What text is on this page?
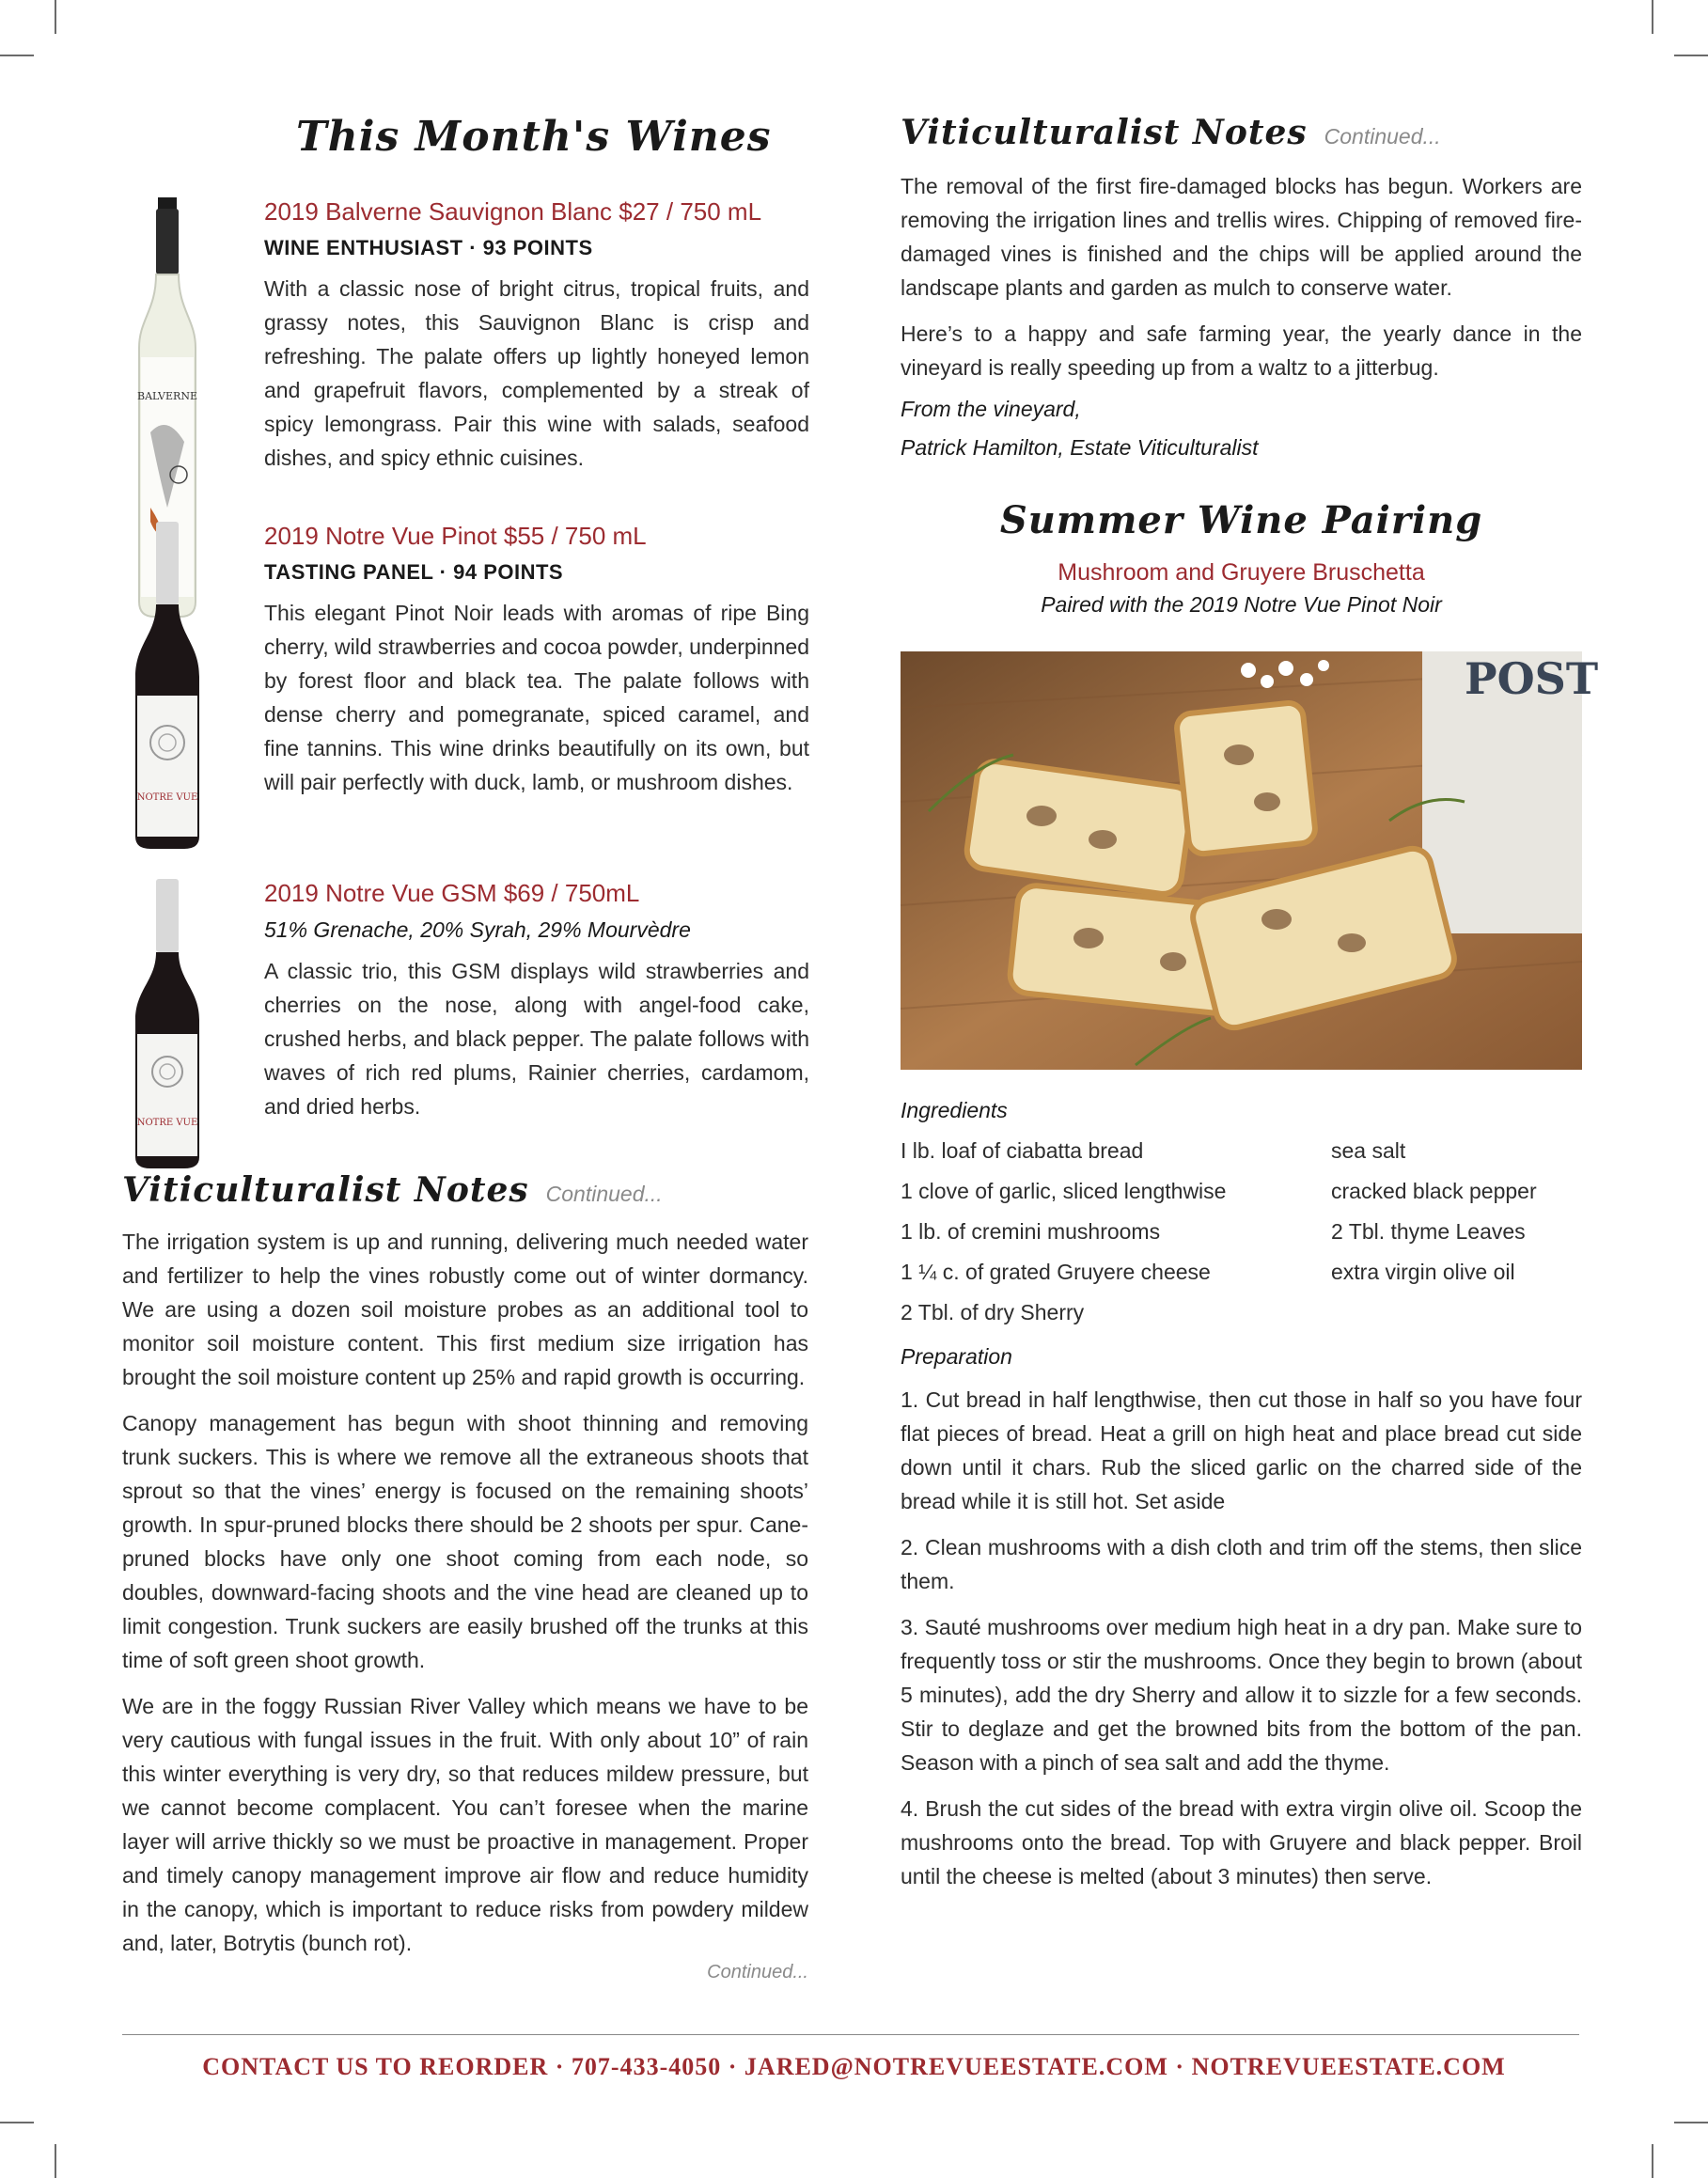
This Month's Wines
BALVERNE

2019 Balverne Sauvignon Blanc $27 / 750 mL

WINE ENTHUSIAST · 93 POINTS

With a classic nose of bright citrus, tropical fruits, and grassy notes, this Sauvignon Blanc is crisp and refreshing. The palate offers up lightly honeyed lemon and grapefruit flavors, complemented by a streak of spicy lemongrass. Pair this wine with salads, seafood dishes, and spicy ethnic cuisines.

NOTRE VUE

2019 Notre Vue Pinot $55 / 750 mL

TASTING PANEL · 94 POINTS

This elegant Pinot Noir leads with aromas of ripe Bing cherry, wild strawberries and cocoa powder, underpinned by forest floor and black tea. The palate follows with dense cherry and pomegranate, spiced caramel, and fine tannins. This wine drinks beautifully on its own, but will pair perfectly with duck, lamb, or mushroom dishes.

NOTRE VUE

2019 Notre Vue GSM $69 / 750mL

51% Grenache, 20% Syrah, 29% Mourvèdre

A classic trio, this GSM displays wild strawberries and cherries on the nose, along with angel-food cake, crushed herbs, and black pepper. The palate follows with waves of rich red plums, Rainier cherries, cardamom, and dried herbs.

Viticulturalist Notes Continued...

The irrigation system is up and running, delivering much needed water and fertilizer to help the vines robustly come out of winter dormancy. We are using a dozen soil moisture probes as an additional tool to monitor soil moisture content. This first medium size irrigation has brought the soil moisture content up 25% and rapid growth is occurring.

Canopy management has begun with shoot thinning and removing trunk suckers. This is where we remove all the extraneous shoots that sprout so that the vines’ energy is focused on the remaining shoots’ growth. In spur-pruned blocks there should be 2 shoots per spur. Cane-pruned blocks have only one shoot coming from each node, so doubles, downward-facing shoots and the vine head are cleaned up to limit congestion. Trunk suckers are easily brushed off the trunks at this time of soft green shoot growth.

We are in the foggy Russian River Valley which means we have to be very cautious with fungal issues in the fruit. With only about 10” of rain this winter everything is very dry, so that reduces mildew pressure, but we cannot become complacent. You can’t foresee when the marine layer will arrive thickly so we must be proactive in management. Proper and timely canopy management improve air flow and reduce humidity in the canopy, which is important to reduce risks from powdery mildew and, later, Botrytis (bunch rot).

Continued...
Viticulturalist Notes Continued...

The removal of the first fire-damaged blocks has begun. Workers are removing the irrigation lines and trellis wires. Chipping of removed fire-damaged vines is finished and the chips will be applied around the landscape plants and garden as mulch to conserve water.

Here’s to a happy and safe farming year, the yearly dance in the vineyard is really speeding up from a waltz to a jitterbug.

From the vineyard,

Patrick Hamilton, Estate Viticulturalist

Summer Wine Pairing
Mushroom and Gruyere Bruschetta
Paired with the 2019 Notre Vue Pinot Noir
POST
Ingredients
I lb. loaf of ciabatta bread
1 clove of garlic, sliced lengthwise
1 lb. of cremini mushrooms
1 ¼ c. of grated Gruyere cheese
2 Tbl. of dry Sherry
sea salt
cracked black pepper
2 Tbl. thyme Leaves
extra virgin olive oil
Preparation

1. Cut bread in half lengthwise, then cut those in half so you have four flat pieces of bread. Heat a grill on high heat and place bread cut side down until it chars. Rub the sliced garlic on the charred side of the bread while it is still hot. Set aside

2. Clean mushrooms with a dish cloth and trim off the stems, then slice them.

3. Sauté mushrooms over medium high heat in a dry pan. Make sure to frequently toss or stir the mushrooms. Once they begin to brown (about 5 minutes), add the dry Sherry and allow it to sizzle for a few seconds. Stir to deglaze and get the browned bits from the bottom of the pan. Season with a pinch of sea salt and add the thyme.

4. Brush the cut sides of the bread with extra virgin olive oil. Scoop the mushrooms onto the bread. Top with Gruyere and black pepper. Broil until the cheese is melted (about 3 minutes) then serve.

CONTACT US TO REORDER · 707-433-4050 · JARED@NOTREVUEESTATE.COM · NOTREVUEESTATE.COM
